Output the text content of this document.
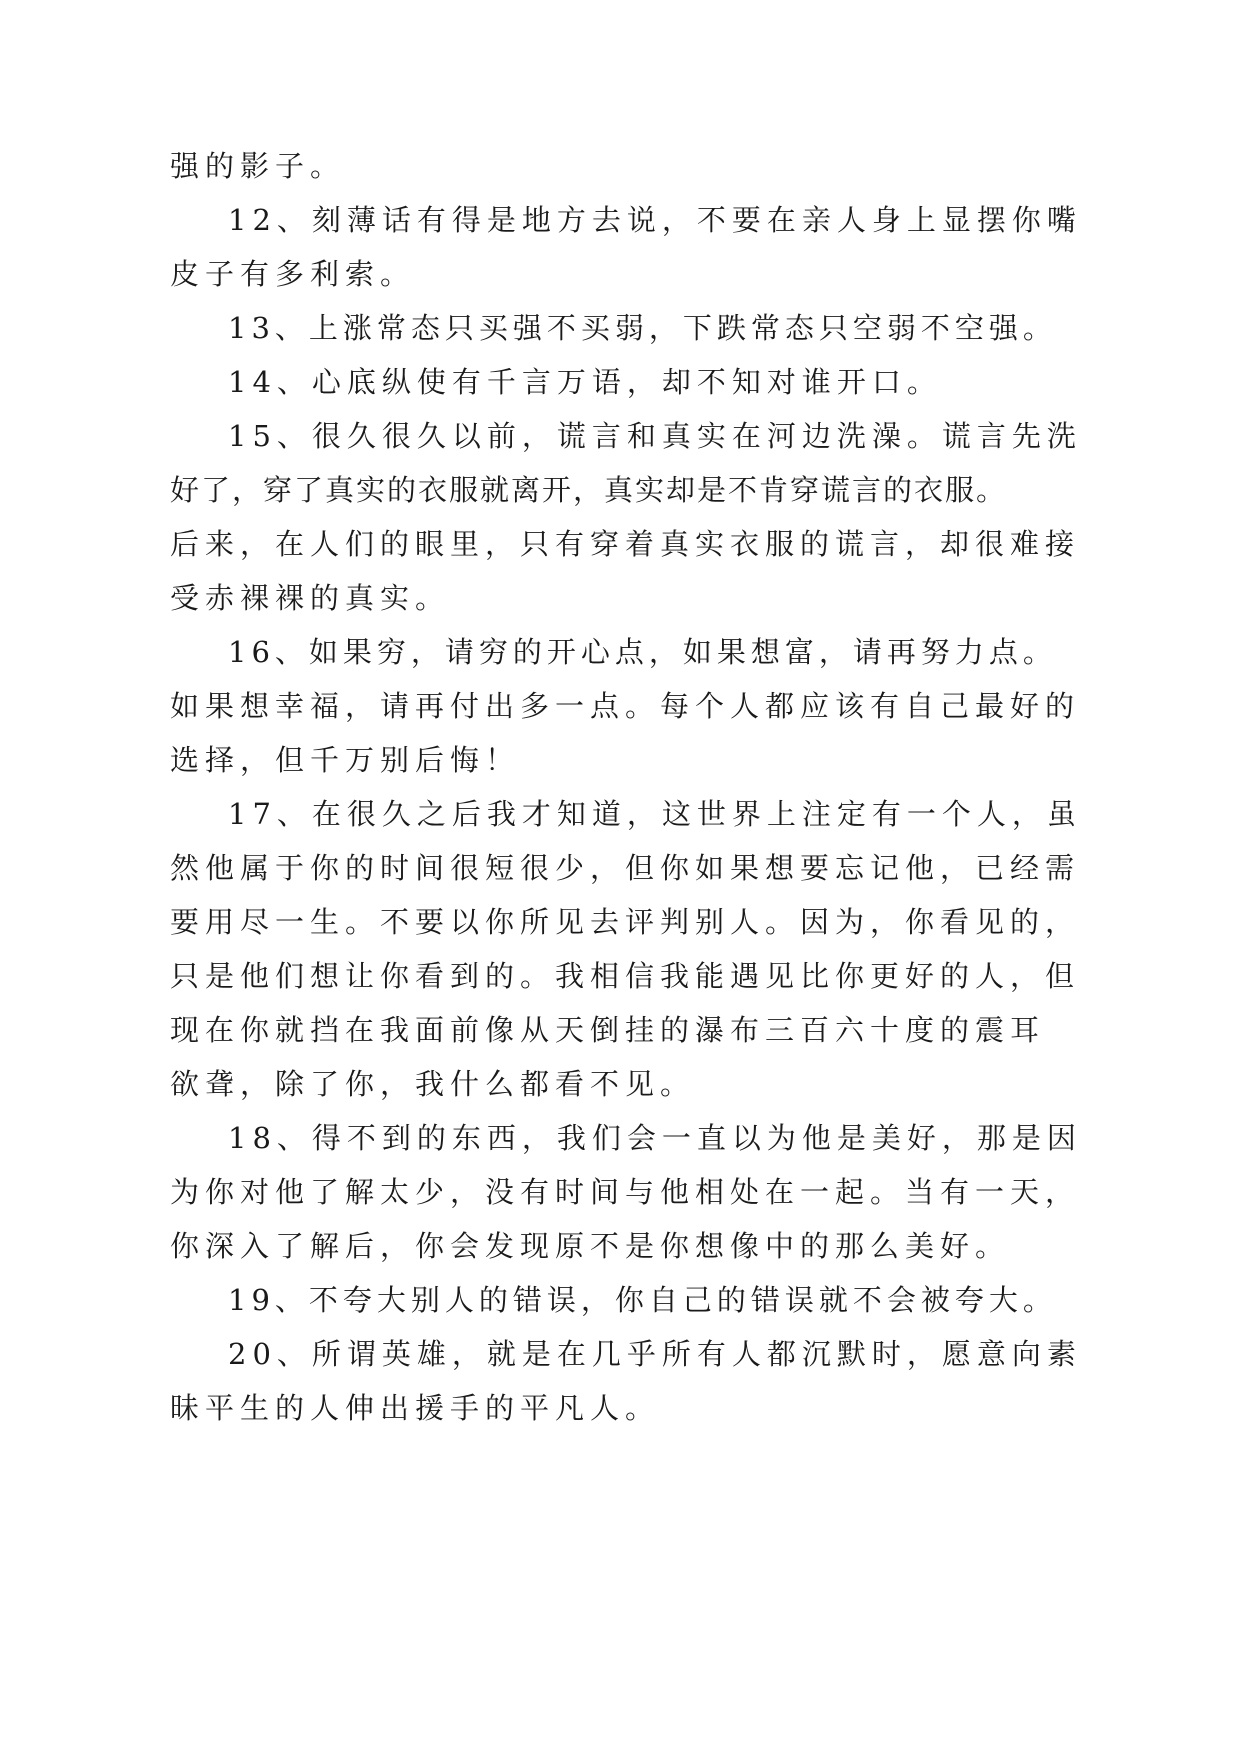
强的影子。
12、刻薄话有得是地方去说，不要在亲人身上显摆你嘴
皮子有多利索。
13、上涨常态只买强不买弱，下跌常态只空弱不空强。
14、心底纵使有千言万语，却不知对谁开口。
15、很久很久以前，谎言和真实在河边洗澡。谎言先洗
好了，穿了真实的衣服就离开，真实却是不肯穿谎言的衣服。
后来，在人们的眼里，只有穿着真实衣服的谎言，却很难接
受赤裸裸的真实。
16、如果穷，请穷的开心点，如果想富，请再努力点。
如果想幸福，请再付出多一点。每个人都应该有自己最好的
选择，但千万别后悔！
17、在很久之后我才知道，这世界上注定有一个人，虽
然他属于你的时间很短很少，但你如果想要忘记他，已经需
要用尽一生。不要以你所见去评判别人。因为，你看见的，
只是他们想让你看到的。我相信我能遇见比你更好的人，但
现在你就挡在我面前像从天倒挂的瀑布三百六十度的震耳
欲聋，除了你，我什么都看不见。
18、得不到的东西，我们会一直以为他是美好，那是因
为你对他了解太少，没有时间与他相处在一起。当有一天，
你深入了解后，你会发现原不是你想像中的那么美好。
19、不夸大别人的错误，你自己的错误就不会被夸大。
20、所谓英雄，就是在几乎所有人都沉默时，愿意向素
昧平生的人伸出援手的平凡人。
